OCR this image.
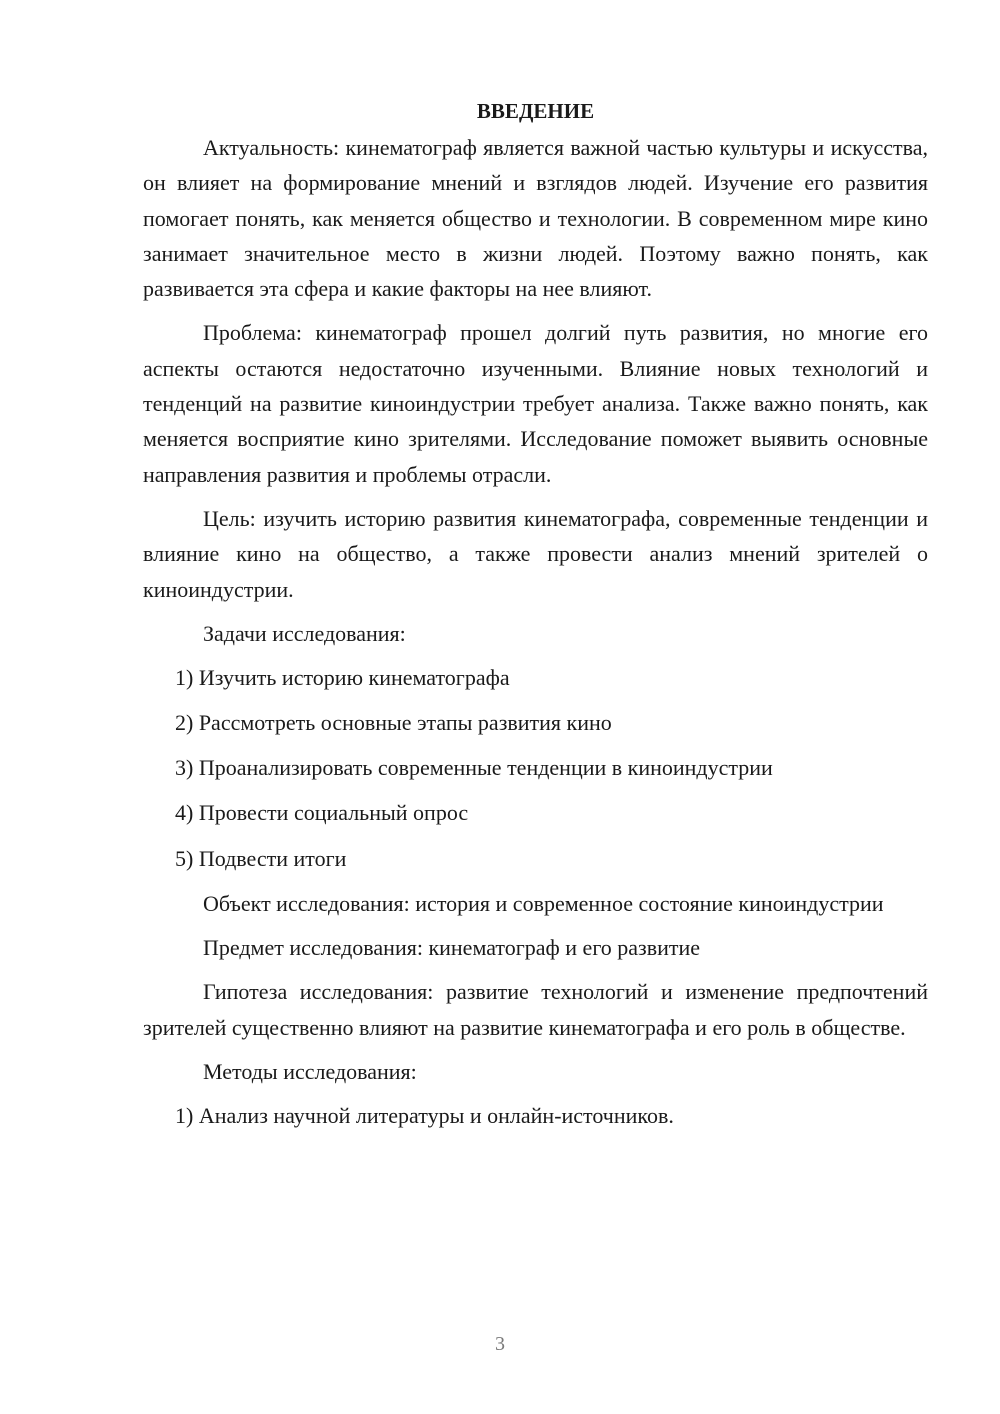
ВВЕДЕНИЕ

Актуальность: кинематограф является важной частью культуры и искусства, он влияет на формирование мнений и взглядов людей. Изучение его развития помогает понять, как меняется общество и технологии. В современном мире кино занимает значительное место в жизни людей. Поэтому важно понять, как развивается эта сфера и какие факторы на нее влияют.

Проблема: кинематограф прошел долгий путь развития, но многие его аспекты остаются недостаточно изученными. Влияние новых технологий и тенденций на развитие киноиндустрии требует анализа. Также важно понять, как меняется восприятие кино зрителями. Исследование поможет выявить основные направления развития и проблемы отрасли.

Цель: изучить историю развития кинематографа, современные тенденции и влияние кино на общество, а также провести анализ мнений зрителей о киноиндустрии.

Задачи исследования:

1) Изучить историю кинематографа
2) Рассмотреть основные этапы развития кино
3) Проанализировать современные тенденции в киноиндустрии
4) Провести социальный опрос
5) Подвести итоги

Объект исследования: история и современное состояние киноиндустрии

Предмет исследования: кинематограф и его развитие

Гипотеза исследования: развитие технологий и изменение предпочтений зрителей существенно влияют на развитие кинематографа и его роль в обществе.

Методы исследования:

1) Анализ научной литературы и онлайн-источников.
3
